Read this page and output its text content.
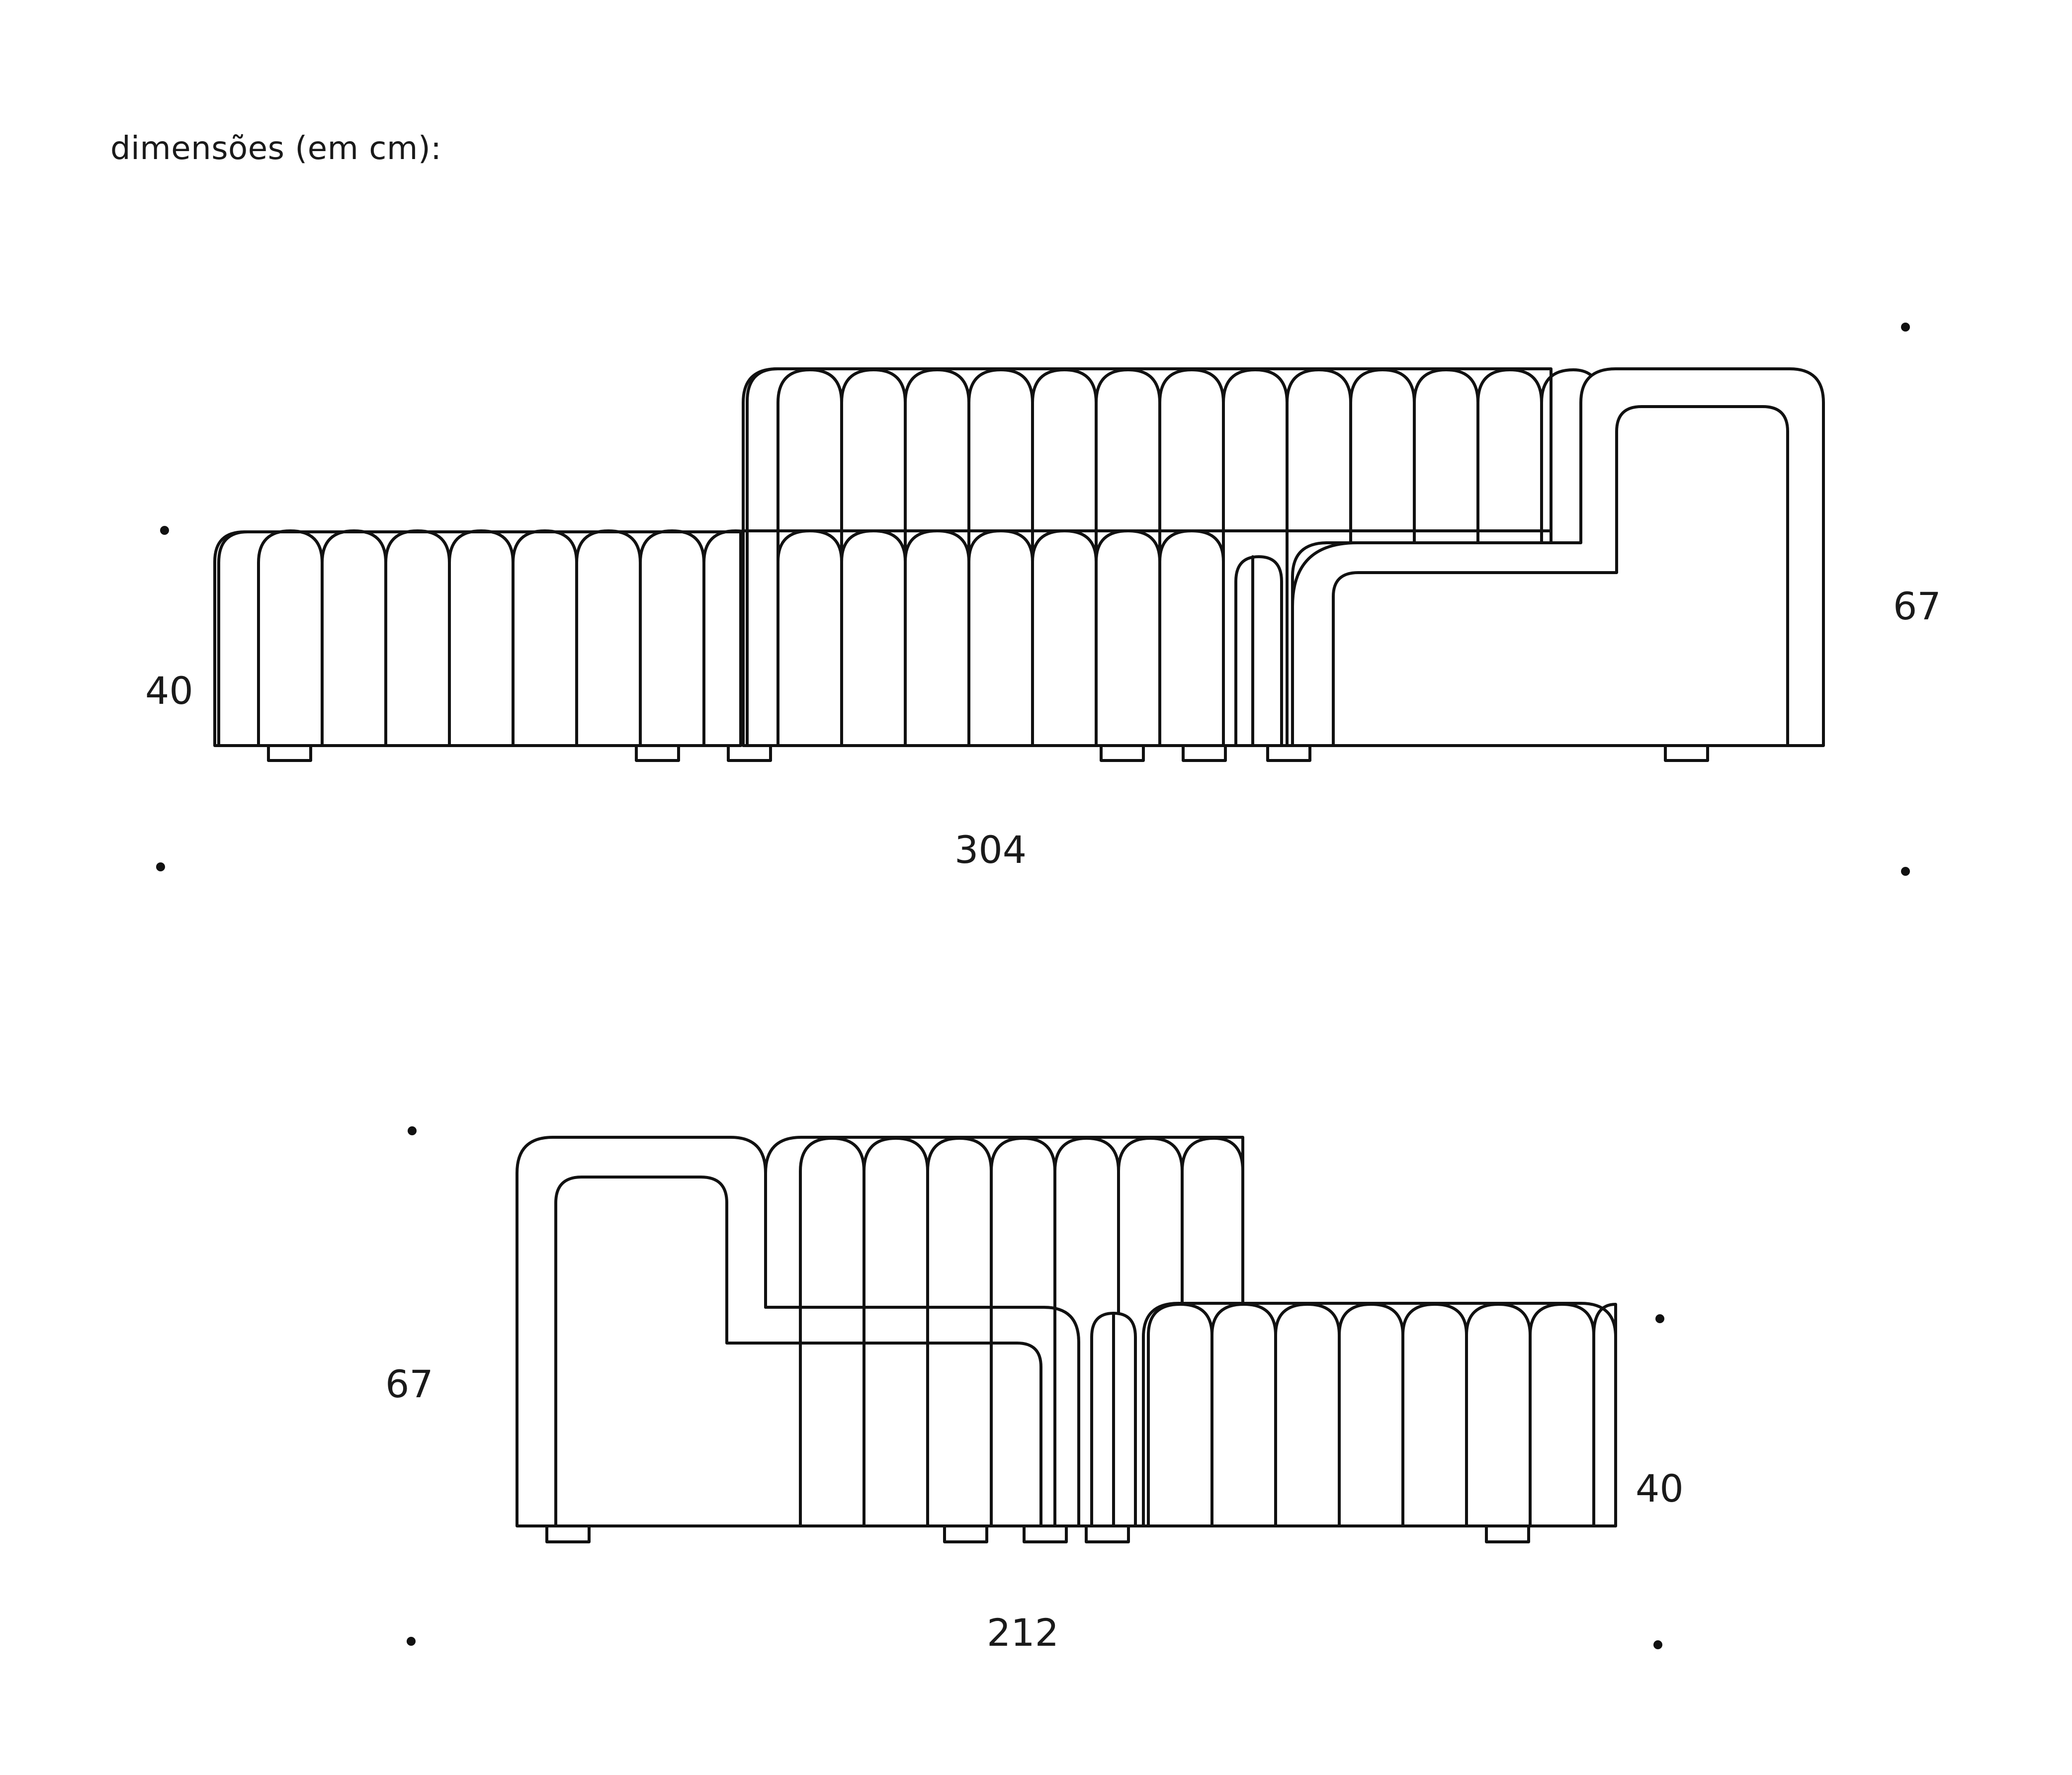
dimensões (em cm):
40
67
304
67
40
212
